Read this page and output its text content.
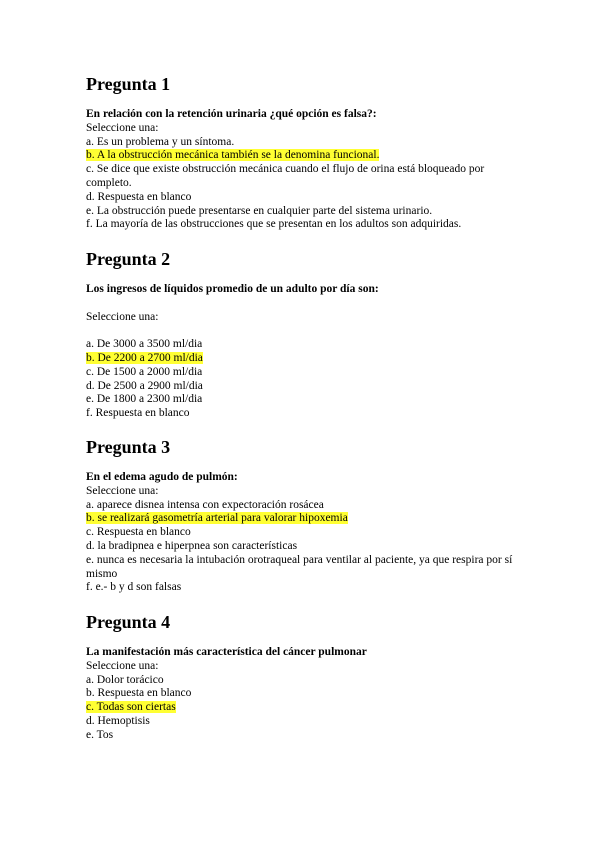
Pregunta 1

En relación con la retención urinaria ¿qué opción es falsa?:

Seleccione una:

a. Es un problema y un síntoma.

b. A la obstrucción mecánica también se la denomina funcional.

c. Se dice que existe obstrucción mecánica cuando el flujo de orina está bloqueado por completo.

d. Respuesta en blanco

e. La obstrucción puede presentarse en cualquier parte del sistema urinario.

f. La mayoría de las obstrucciones que se presentan en los adultos son adquiridas.

Pregunta 2

Los ingresos de líquidos promedio de un adulto por día son:

Seleccione una:

a. De 3000 a 3500 ml/dia

b. De 2200 a 2700 ml/dia

c. De 1500 a 2000 ml/dia

d. De 2500 a 2900 ml/dia

e. De 1800 a 2300 ml/dia

f. Respuesta en blanco

Pregunta 3

En el edema agudo de pulmón:

Seleccione una:

a. aparece disnea intensa con expectoración rosácea

b. se realizará gasometría arterial para valorar hipoxemia

c. Respuesta en blanco

d. la bradipnea e hiperpnea son características

e. nunca es necesaria la intubación orotraqueal para ventilar al paciente, ya que respira por sí mismo

f. e.- b y d son falsas

Pregunta 4

La manifestación más característica del cáncer pulmonar

Seleccione una:

a. Dolor torácico

b. Respuesta en blanco

c. Todas son ciertas

d. Hemoptisis

e. Tos
